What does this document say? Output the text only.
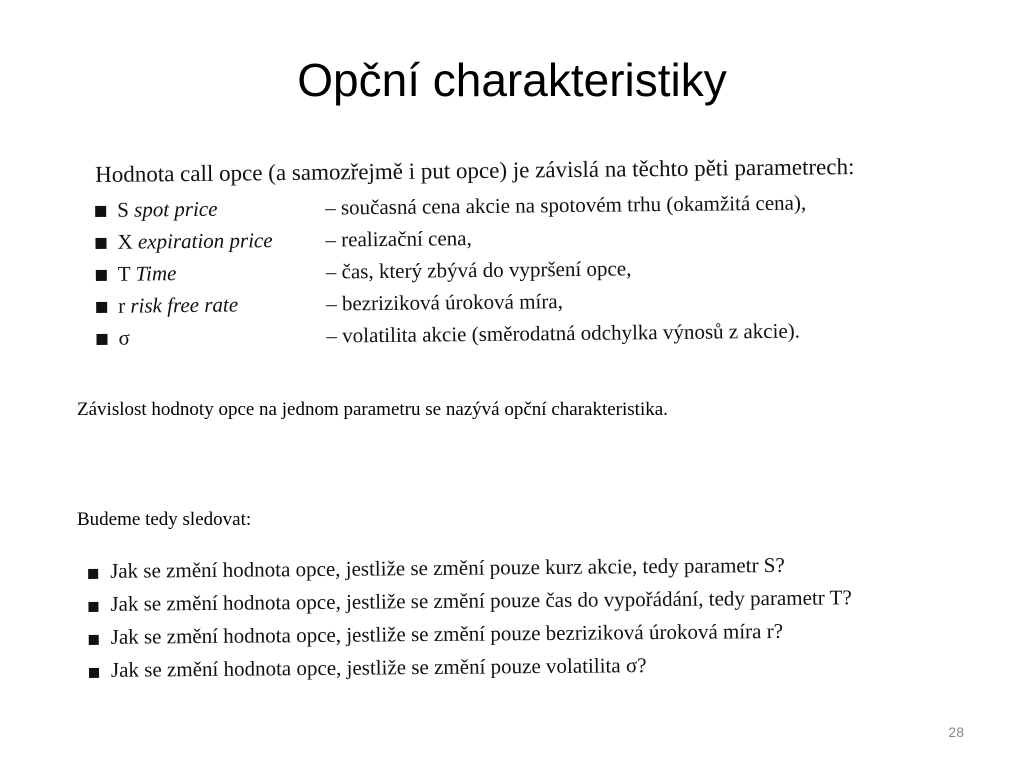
Opční charakteristiky
Hodnota call opce (a samozřejmě i put opce) je závislá na těchto pěti parametrech:
S spot price	– současná cena akcie na spotovém trhu (okamžitá cena),
X expiration price	– realizační cena,
T Time	– čas, který zbývá do vypršení opce,
r risk free rate	– bezriziková úroková míra,
σ	– volatilita akcie (směrodatná odchylka výnosů z akcie).
Závislost hodnoty opce na jednom parametru se nazývá opční charakteristika.
Budeme tedy sledovat:
Jak se změní hodnota opce, jestliže se změní pouze kurz akcie, tedy parametr S?
Jak se změní hodnota opce, jestliže se změní pouze čas do vypořádání, tedy parametr T?
Jak se změní hodnota opce, jestliže se změní pouze bezriziková úroková míra r?
Jak se změní hodnota opce, jestliže se změní pouze volatilita σ?
28
